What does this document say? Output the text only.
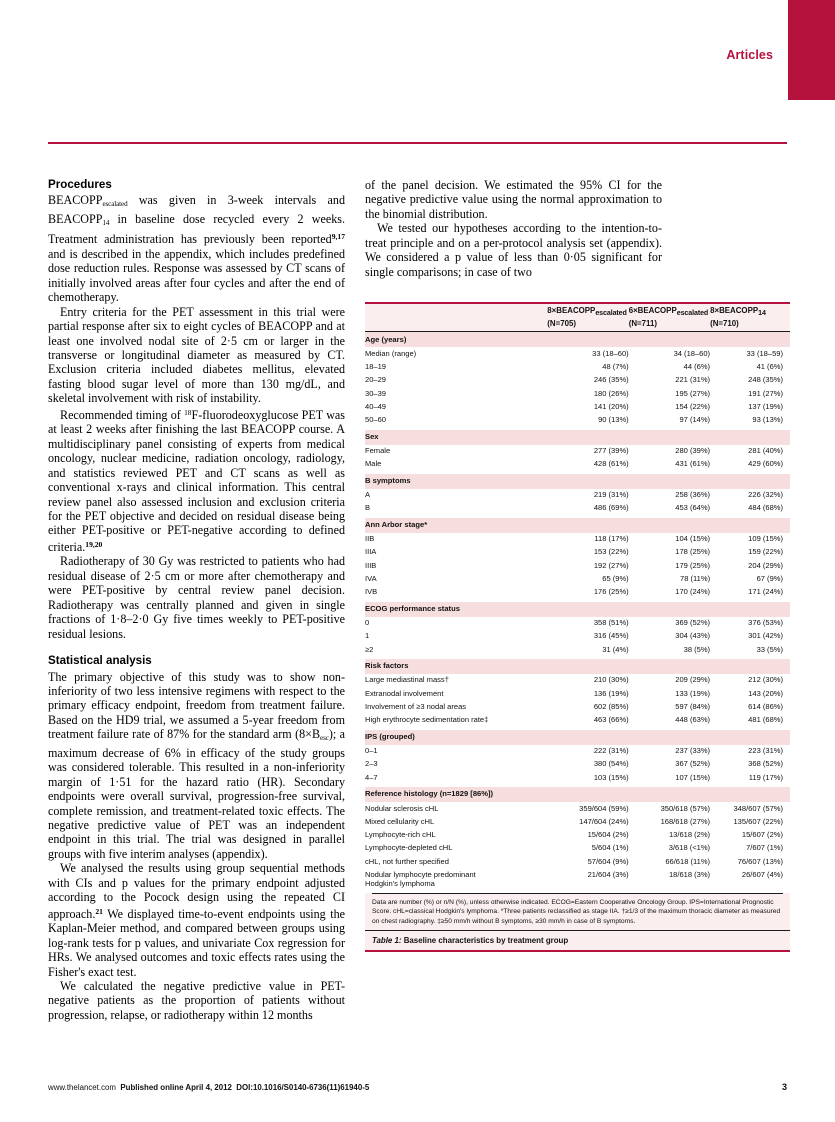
Articles
Procedures

$BEACOPP_{escalated}$ was given in 3-week intervals and $BEACOPP_{14}$ in baseline dose recycled every 2 weeks. Treatment administration has previously been reported$^{9,17}$ and is described in the appendix, which includes predefined dose reduction rules. Response was assessed by CT scans of initially involved areas after four cycles and after the end of chemotherapy.

Entry criteria for the PET assessment in this trial were partial response after six to eight cycles of BEACOPP and at least one involved nodal site of 2·5 cm or larger in the transverse or longitudinal diameter as measured by CT. Exclusion criteria included diabetes mellitus, elevated fasting blood sugar level of more than 130 mg/dL, and skeletal involvement with risk of instability.

Recommended timing of $^{18}$F-fluorodeoxyglucose PET was at least 2 weeks after finishing the last BEACOPP course. A multidisciplinary panel consisting of experts from medical oncology, nuclear medicine, radiation oncology, radiology, and statistics reviewed PET and CT scans as well as conventional x-rays and clinical information. This central review panel also assessed inclusion and exclusion criteria for the PET objective and decided on residual disease being either PET-positive or PET-negative according to defined criteria.$^{19,20}$

Radiotherapy of 30 Gy was restricted to patients who had residual disease of 2·5 cm or more after chemotherapy and were PET-positive by central review panel decision. Radiotherapy was centrally planned and given in single fractions of 1·8–2·0 Gy five times weekly to PET-positive residual lesions.

Statistical analysis

The primary objective of this study was to show non-inferiority of two less intensive regimens with respect to the primary efficacy endpoint, freedom from treatment failure. Based on the HD9 trial, we assumed a 5-year freedom from treatment failure rate of 87% for the standard arm $(8\times B_{esc})$; a maximum decrease of 6% in efficacy of the study groups was considered tolerable. This resulted in a non-inferiority margin of 1·51 for the hazard ratio (HR). Secondary endpoints were overall survival, progression-free survival, complete remission, and treatment-related toxic effects. The negative predictive value of PET was an independent endpoint in this trial. The trial was designed in parallel groups with five interim analyses (appendix).

We analysed the results using group sequential methods with CIs and p values for the primary endpoint adjusted according to the Pocock design using the repeated CI approach.$^{21}$ We displayed time-to-event endpoints using the Kaplan-Meier method, and compared between groups using log-rank tests for p values, and univariate Cox regression for HRs. We analysed outcomes and toxic effects rates using the Fisher's exact test.

We calculated the negative predictive value in PET-negative patients as the proportion of patients without progression, relapse, or radiotherapy within 12 months

of the panel decision. We estimated the 95% CI for the negative predictive value using the normal approximation to the binomial distribution.

We tested our hypotheses according to the intention-to-treat principle and on a per-protocol analysis set (appendix). We considered a p value of less than 0·05 significant for single comparisons; in case of two

	$8\times BEACOPP_{escalated}$
(N=705)	$6\times BEACOPP_{escalated}$
(N=711)	$8\times BEACOPP_{14}$
(N=710)

Age (years)			
Median (range)	33 (18–60)	34 (18–60)	33 (18–59)
18–19	48 (7%)	44 (6%)	41 (6%)
20–29	246 (35%)	221 (31%)	248 (35%)
30–39	180 (26%)	195 (27%)	191 (27%)
40–49	141 (20%)	154 (22%)	137 (19%)
50–60	90 (13%)	97 (14%)	93 (13%)
Sex			
Female	277 (39%)	280 (39%)	281 (40%)
Male	428 (61%)	431 (61%)	429 (60%)
B symptoms			
A	219 (31%)	258 (36%)	226 (32%)
B	486 (69%)	453 (64%)	484 (68%)
Ann Arbor stage*			
IIB	118 (17%)	104 (15%)	109 (15%)
IIIA	153 (22%)	178 (25%)	159 (22%)
IIIB	192 (27%)	179 (25%)	204 (29%)
IVA	65 (9%)	78 (11%)	67 (9%)
IVB	176 (25%)	170 (24%)	171 (24%)
ECOG performance status			
0	358 (51%)	369 (52%)	376 (53%)
1	316 (45%)	304 (43%)	301 (42%)
≥2	31 (4%)	38 (5%)	33 (5%)
Risk factors			
Large mediastinal mass†	210 (30%)	209 (29%)	212 (30%)
Extranodal involvement	136 (19%)	133 (19%)	143 (20%)
Involvement of ≥3 nodal areas	602 (85%)	597 (84%)	614 (86%)
High erythrocyte sedimentation rate‡	463 (66%)	448 (63%)	481 (68%)
IPS (grouped)			
0–1	222 (31%)	237 (33%)	223 (31%)
2–3	380 (54%)	367 (52%)	368 (52%)
4–7	103 (15%)	107 (15%)	119 (17%)
Reference histology (n=1829 [86%])			
Nodular sclerosis cHL	359/604 (59%)	350/618 (57%)	348/607 (57%)
Mixed cellularity cHL	147/604 (24%)	168/618 (27%)	135/607 (22%)
Lymphocyte-rich cHL	15/604 (2%)	13/618 (2%)	15/607 (2%)
Lymphocyte-depleted cHL	5/604 (1%)	3/618 (<1%)	7/607 (1%)
cHL, not further specified	57/604 (9%)	66/618 (11%)	76/607 (13%)

Nodular lymphocyte predominant
Hodgkin's lymphoma	21/604 (3%)	18/618 (3%)	26/607 (4%)
Data are number (%) or n/N (%), unless otherwise indicated. ECOG=Eastern Cooperative Oncology Group. IPS=International Prognostic Score. cHL=classical Hodgkin's lymphoma. *Three patients reclassified as stage IIA. †≥1/3 of the maximum thoracic diameter as measured on chest radiography. ‡≥50 mm/h without B symptoms, ≥30 mm/h in case of B symptoms.
Table 1: Baseline characteristics by treatment group
www.thelancet.com Published online April 4, 2012 DOI:10.1016/S0140-6736(11)61940-5	3
